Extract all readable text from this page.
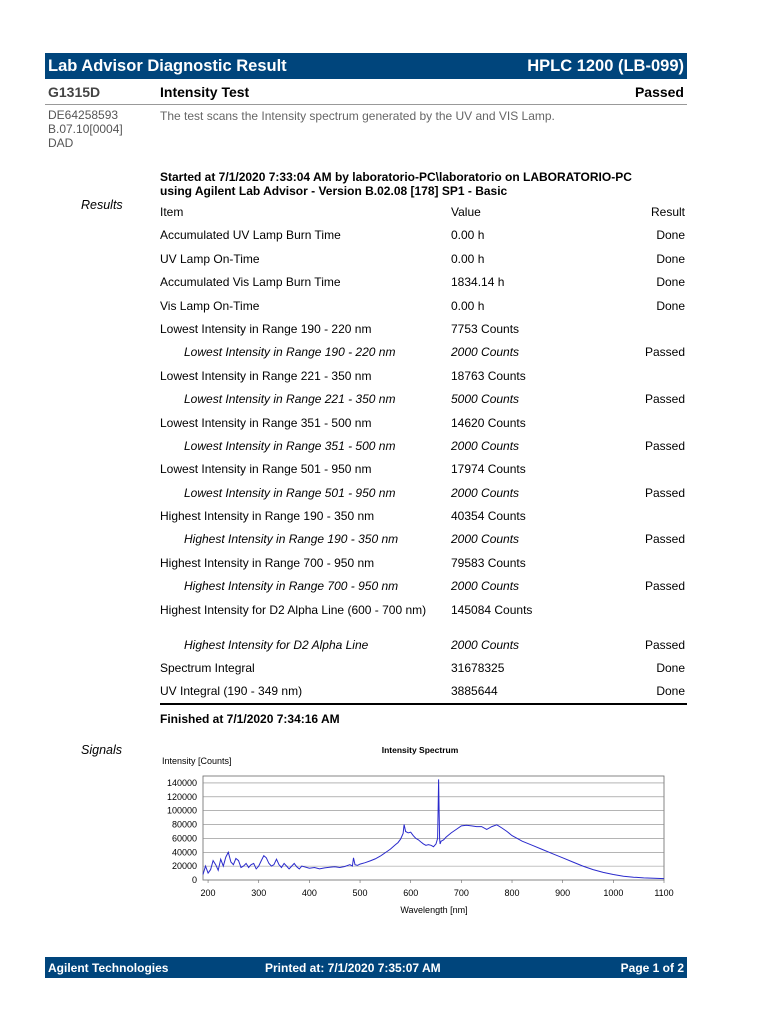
Lab Advisor Diagnostic Result	HPLC 1200 (LB-099)
G1315D	Intensity Test	Passed
DE64258593
B.07.10[0004]
DAD
The test scans the Intensity spectrum generated by the UV and VIS Lamp.
Started at 7/1/2020 7:33:04 AM by laboratorio-PC\laboratorio on LABORATORIO-PC
using Agilent Lab Advisor - Version B.02.08 [178] SP1 - Basic
Results	Item	Value	Result
Accumulated UV Lamp Burn Time	0.00 h	Done
UV Lamp On-Time	0.00 h	Done
Accumulated Vis Lamp Burn Time	1834.14 h	Done
Vis Lamp On-Time	0.00 h	Done
Lowest Intensity in Range 190 - 220 nm	7753 Counts	
Lowest Intensity in Range 190 - 220 nm	2000 Counts	Passed
Lowest Intensity in Range 221 - 350 nm	18763 Counts	
Lowest Intensity in Range 221 - 350 nm	5000 Counts	Passed
Lowest Intensity in Range 351 - 500 nm	14620 Counts	
Lowest Intensity in Range 351 - 500 nm	2000 Counts	Passed
Lowest Intensity in Range 501 - 950 nm	17974 Counts	
Lowest Intensity in Range 501 - 950 nm	2000 Counts	Passed
Highest Intensity in Range 190 - 350 nm	40354 Counts	
Highest Intensity in Range 190 - 350 nm	2000 Counts	Passed
Highest Intensity in Range 700 - 950 nm	79583 Counts	
Highest Intensity in Range 700 - 950 nm	2000 Counts	Passed
Highest Intensity for D2 Alpha Line (600 - 700 nm)	145084 Counts	
Highest Intensity for D2 Alpha Line	2000 Counts	Passed
Spectrum Integral	31678325	Done
UV Integral (190 - 349 nm)	3885644	Done
Finished at 7/1/2020 7:34:16 AM
Signals	Intensity Spectrum
Intensity [Counts]
Wavelength [nm]
0
20000
40000
60000
80000
100000
120000
140000
200	300	400	500	600	700	800	900	1000	1100
Agilent Technologies	Printed at: 7/1/2020 7:35:07 AM	Page 1 of 2
